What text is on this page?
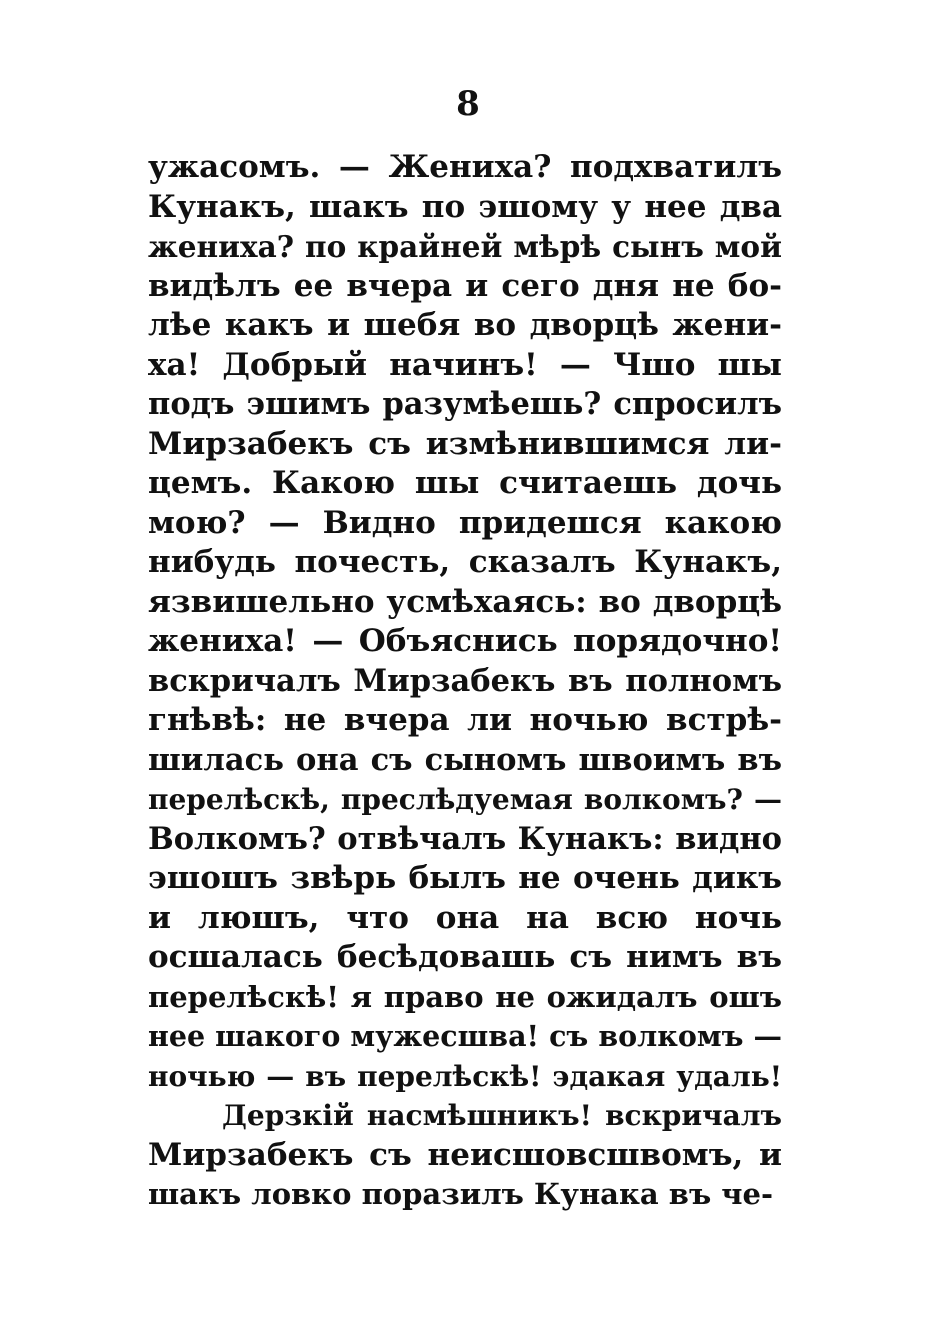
8
ужасомъ. — Жениха? подхватилъ
Кунакъ, шакъ по эшому у нее два
жениха? по крайней мѣрѣ сынъ мой
видѣлъ ее вчера и сего дня не бо-
лѣе какъ и шебя во дворцѣ жени-
ха! Добрый начинъ! — Чшо шы
подъ эшимъ разумѣешь? спросилъ
Мирзабекъ съ измѣнившимся ли-
цемъ. Какою шы считаешь дочь
мою? — Видно придешся какою
нибудь почесть, сказалъ Кунакъ,
язвишельно усмѣхаясь: во дворцѣ
жениха! — Объяснись порядочно!
вскричалъ Мирзабекъ въ полномъ
гнѣвѣ: не вчера ли ночью встрѣ-
шилась она съ сыномъ швоимъ въ
перелѣскѣ, преслѣдуемая волкомъ? —
Волкомъ? отвѣчалъ Кунакъ: видно
эшошъ звѣрь былъ не очень дикъ
и люшъ, что она на всю ночь
осшалась бесѣдовашь съ нимъ въ
перелѣскѣ! я право не ожидалъ ошъ
нее шакого мужесшва! съ волкомъ —
ночью — въ перелѣскѣ! эдакая удаль!
Дерзкій насмѣшникъ! вскричалъ
Мирзабекъ съ неисшовсшвомъ, и
шакъ ловко поразилъ Кунака въ че-
